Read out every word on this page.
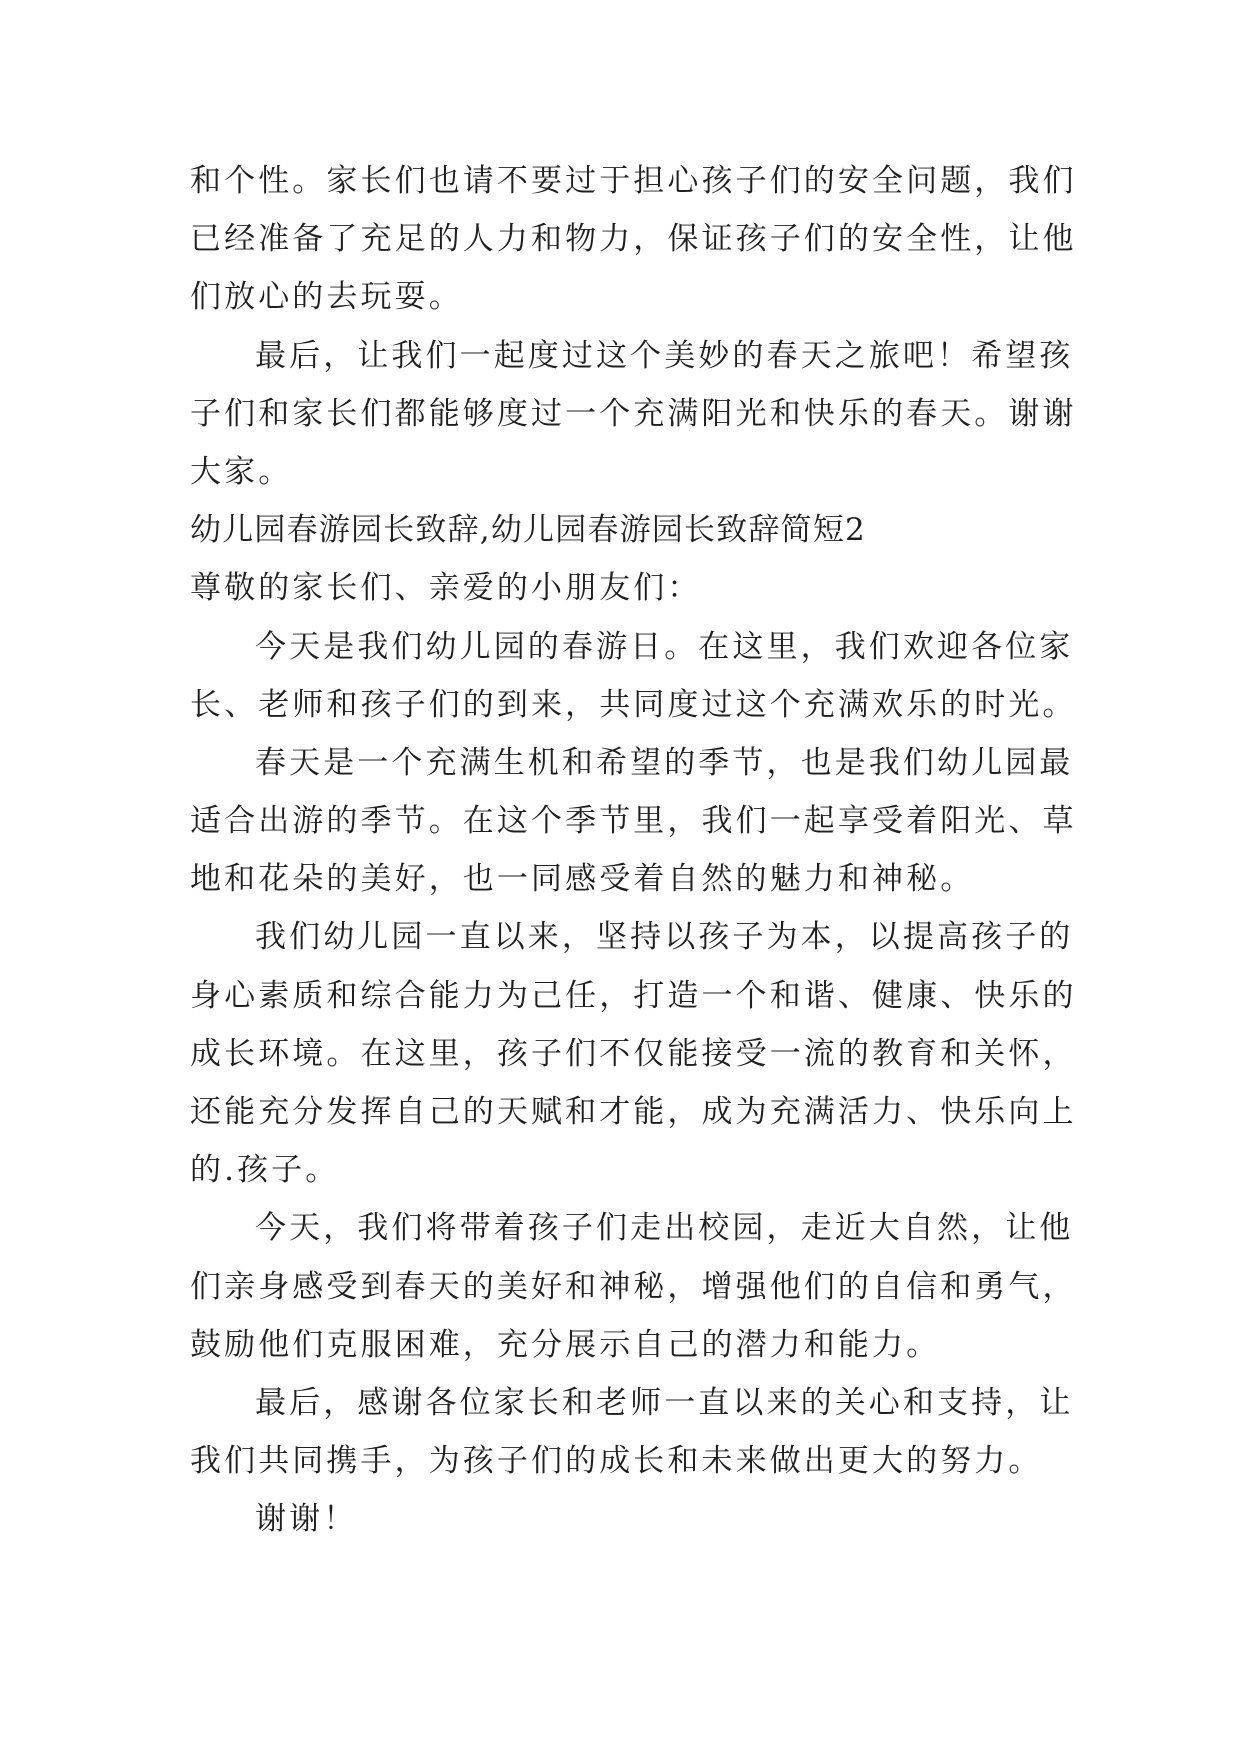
和个性。家长们也请不要过于担心孩子们的安全问题，我们
已经准备了充足的人力和物力，保证孩子们的安全性，让他
们放心的去玩耍。
最后，让我们一起度过这个美妙的春天之旅吧！希望孩
子们和家长们都能够度过一个充满阳光和快乐的春天。谢谢
大家。
幼儿园春游园长致辞,幼儿园春游园长致辞简短2
尊敬的家长们、亲爱的小朋友们：
今天是我们幼儿园的春游日。在这里，我们欢迎各位家
长、老师和孩子们的到来，共同度过这个充满欢乐的时光。
春天是一个充满生机和希望的季节，也是我们幼儿园最
适合出游的季节。在这个季节里，我们一起享受着阳光、草
地和花朵的美好，也一同感受着自然的魅力和神秘。
我们幼儿园一直以来，坚持以孩子为本，以提高孩子的
身心素质和综合能力为己任，打造一个和谐、健康、快乐的
成长环境。在这里，孩子们不仅能接受一流的教育和关怀，
还能充分发挥自己的天赋和才能，成为充满活力、快乐向上
的.孩子。
今天，我们将带着孩子们走出校园，走近大自然，让他
们亲身感受到春天的美好和神秘，增强他们的自信和勇气，
鼓励他们克服困难，充分展示自己的潜力和能力。
最后，感谢各位家长和老师一直以来的关心和支持，让
我们共同携手，为孩子们的成长和未来做出更大的努力。
谢谢！
